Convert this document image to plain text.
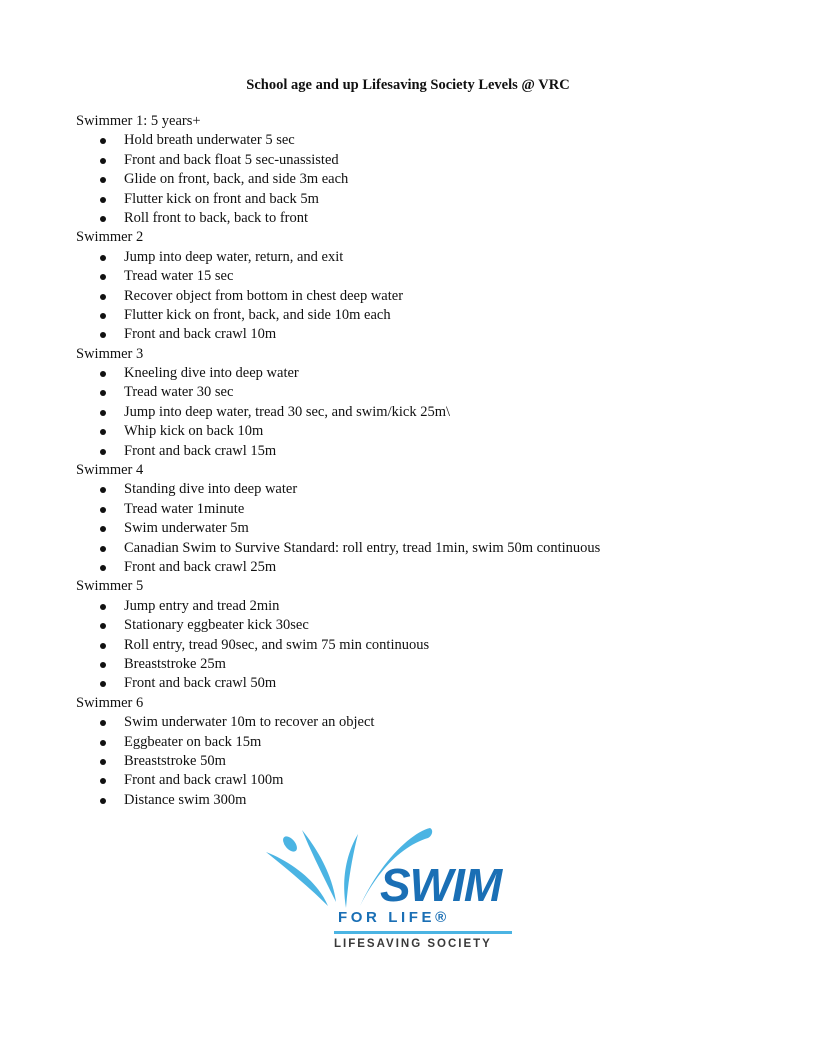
School age and up Lifesaving Society Levels @ VRC
Swimmer 1: 5 years+
Hold breath underwater 5 sec
Front and back float 5 sec-unassisted
Glide on front, back, and side 3m each
Flutter kick on front and back 5m
Roll front to back, back to front
Swimmer 2
Jump into deep water, return, and exit
Tread water 15 sec
Recover object from bottom in chest deep water
Flutter kick on front, back, and side 10m each
Front and back crawl 10m
Swimmer 3
Kneeling dive into deep water
Tread water 30 sec
Jump into deep water, tread 30 sec, and swim/kick 25m\
Whip kick on back 10m
Front and back crawl 15m
Swimmer 4
Standing dive into deep water
Tread water 1minute
Swim underwater 5m
Canadian Swim to Survive Standard: roll entry, tread 1min, swim 50m continuous
Front and back crawl 25m
Swimmer 5
Jump entry and tread 2min
Stationary eggbeater kick 30sec
Roll entry, tread 90sec, and swim 75 min continuous
Breaststroke 25m
Front and back crawl 50m
Swimmer 6
Swim underwater 10m to recover an object
Eggbeater on back 15m
Breaststroke 50m
Front and back crawl 100m
Distance swim 300m
SWIM
FOR LIFE®
LIFESAVING SOCIETY
